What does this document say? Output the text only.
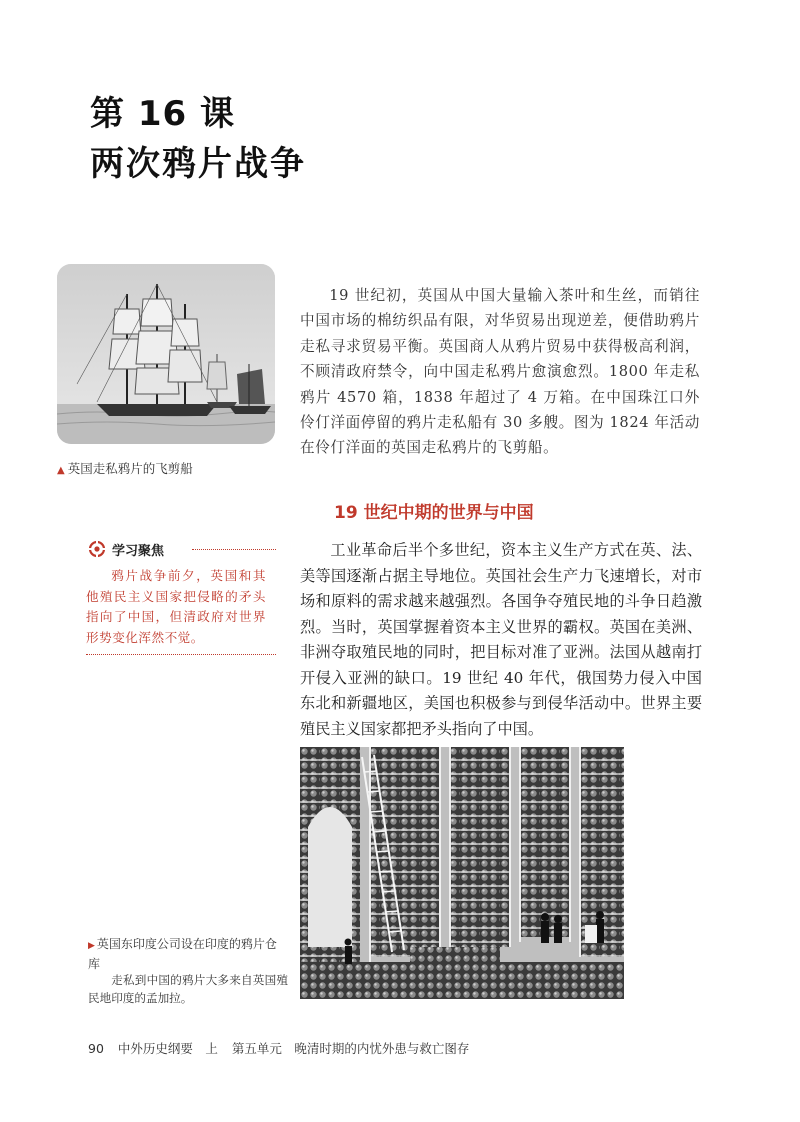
第 16 课
两次鸦片战争
▲ 英国走私鸦片的飞剪船

19 世纪初，英国从中国大量输入茶叶和生丝，而销往中国市场的棉纺织品有限，对华贸易出现逆差，便借助鸦片走私寻求贸易平衡。英国商人从鸦片贸易中获得极高利润，不顾清政府禁令，向中国走私鸦片愈演愈烈。1800 年走私鸦片 4570 箱，1838 年超过了 4 万箱。在中国珠江口外伶仃洋面停留的鸦片走私船有 30 多艘。图为 1824 年活动在伶仃洋面的英国走私鸦片的飞剪船。

19 世纪中期的世界与中国
学习聚焦

鸦片战争前夕，英国和其他殖民主义国家把侵略的矛头指向了中国，但清政府对世界形势变化浑然不觉。

工业革命后半个多世纪，资本主义生产方式在英、法、美等国逐渐占据主导地位。英国社会生产力飞速增长，对市场和原料的需求越来越强烈。各国争夺殖民地的斗争日趋激烈。当时，英国掌握着资本主义世界的霸权。英国在美洲、非洲夺取殖民地的同时，把目标对准了亚洲。法国从越南打开侵入亚洲的缺口。19 世纪 40 年代，俄国势力侵入中国东北和新疆地区，美国也积极参与到侵华活动中。世界主要殖民主义国家都把矛头指向了中国。

▶ 英国东印度公司设在印度的鸦片仓库

走私到中国的鸦片大多来自英国殖民地印度的孟加拉。

90 中外历史纲要　上 第五单元　晚清时期的内忧外患与救亡图存
